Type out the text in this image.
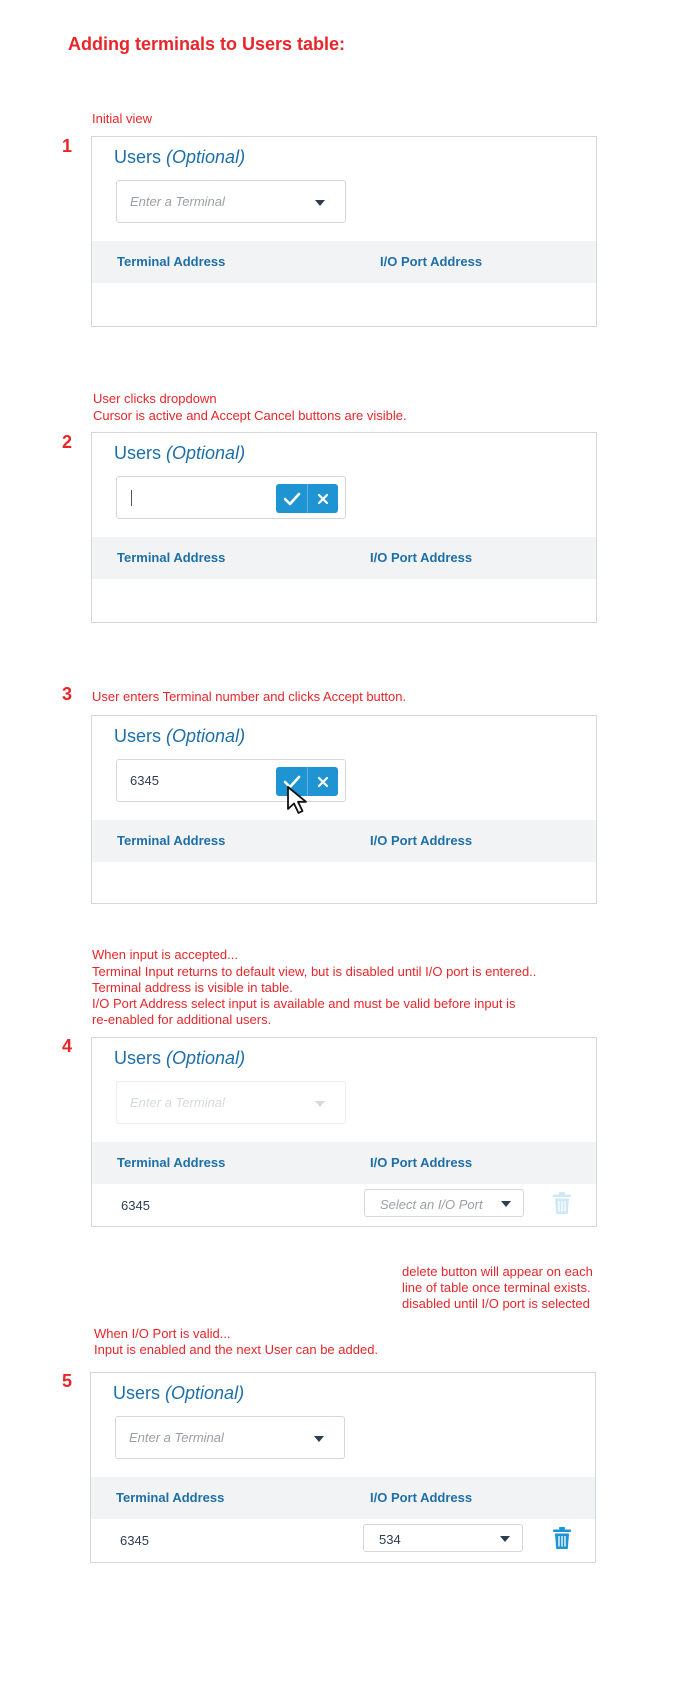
Adding terminals to Users table:
Initial view
1
Users (Optional)
Enter a Terminal
Terminal Address	I/O Port Address
User clicks dropdown
Cursor is active and Accept Cancel buttons are visible.
2
Users (Optional)
Terminal Address	I/O Port Address
3 User enters Terminal number and clicks Accept button.
Users (Optional)
6345
Terminal Address	I/O Port Address
When input is accepted...
Terminal Input returns to default view, but is disabled until I/O port is entered..
Terminal address is visible in table.
I/O Port Address select input is available and must be valid before input is
re-enabled for additional users.
4
Users (Optional)
Enter a Terminal
Terminal Address	I/O Port Address
6345	Select an I/O Port
delete button will appear on each
line of table once terminal exists.
disabled until I/O port is selected
When I/O Port is valid...
Input is enabled and the next User can be added.
5
Users (Optional)
Enter a Terminal
Terminal Address	I/O Port Address
6345	534
